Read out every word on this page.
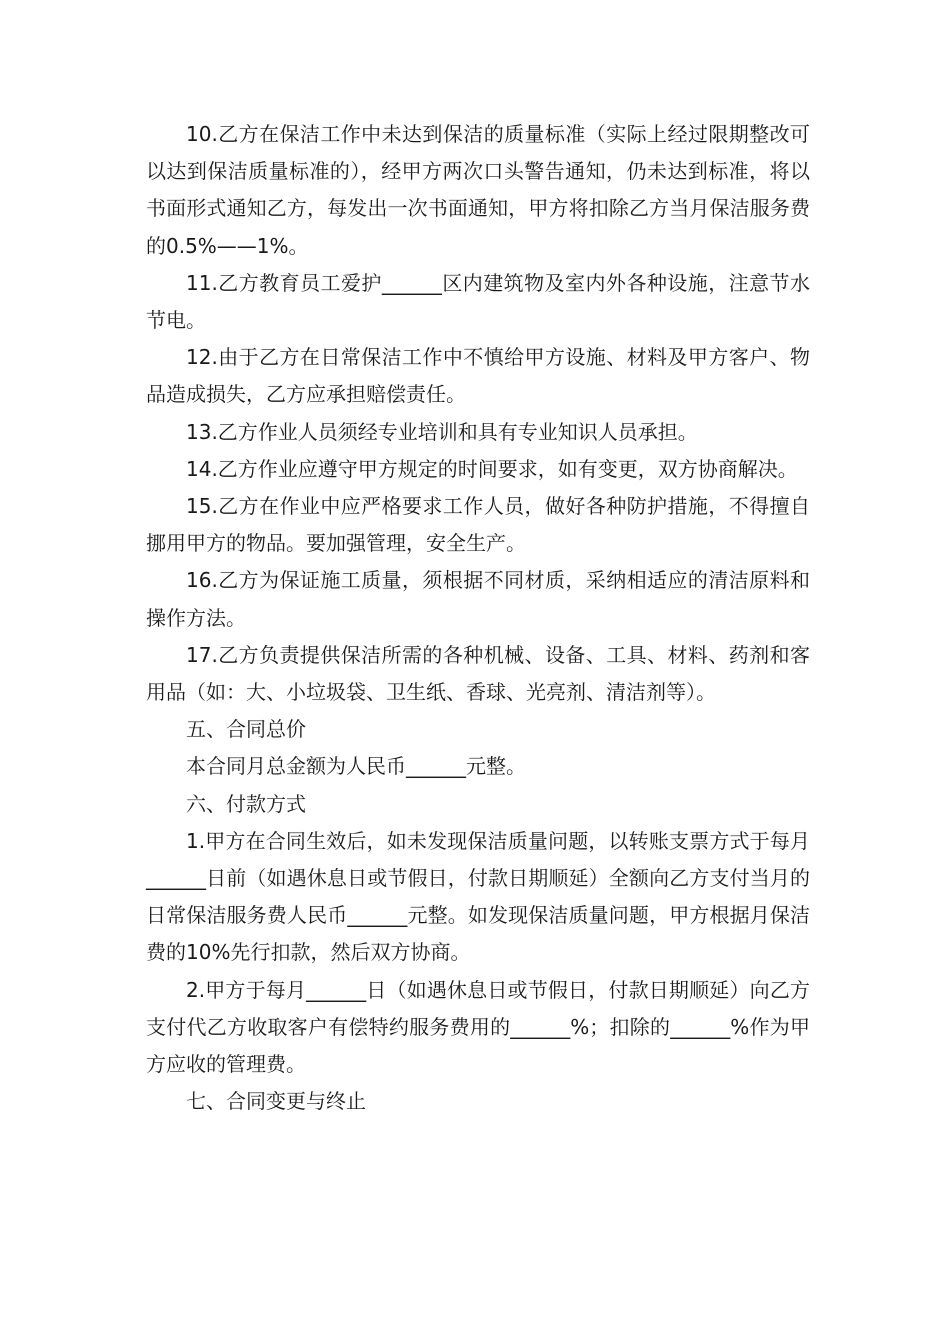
10.乙方在保洁工作中未达到保洁的质量标准（实际上经过限期整改可以达到保洁质量标准的），经甲方两次口头警告通知，仍未达到标准，将以书面形式通知乙方，每发出一次书面通知，甲方将扣除乙方当月保洁服务费的0.5%——1%。

11.乙方教育员工爱护______区内建筑物及室内外各种设施，注意节水节电。

12.由于乙方在日常保洁工作中不慎给甲方设施、材料及甲方客户、物品造成损失，乙方应承担赔偿责任。

13.乙方作业人员须经专业培训和具有专业知识人员承担。

14.乙方作业应遵守甲方规定的时间要求，如有变更，双方协商解决。

15.乙方在作业中应严格要求工作人员，做好各种防护措施，不得擅自挪用甲方的物品。要加强管理，安全生产。

16.乙方为保证施工质量，须根据不同材质，采纳相适应的清洁原料和操作方法。

17.乙方负责提供保洁所需的各种机械、设备、工具、材料、药剂和客用品（如：大、小垃圾袋、卫生纸、香球、光亮剂、清洁剂等）。

五、合同总价

本合同月总金额为人民币______元整。

六、付款方式

1.甲方在合同生效后，如未发现保洁质量问题，以转账支票方式于每月______日前（如遇休息日或节假日，付款日期顺延）全额向乙方支付当月的日常保洁服务费人民币______元整。如发现保洁质量问题，甲方根据月保洁费的10%先行扣款，然后双方协商。

2.甲方于每月______日（如遇休息日或节假日，付款日期顺延）向乙方支付代乙方收取客户有偿特约服务费用的______%；扣除的______%作为甲方应收的管理费。

七、合同变更与终止
